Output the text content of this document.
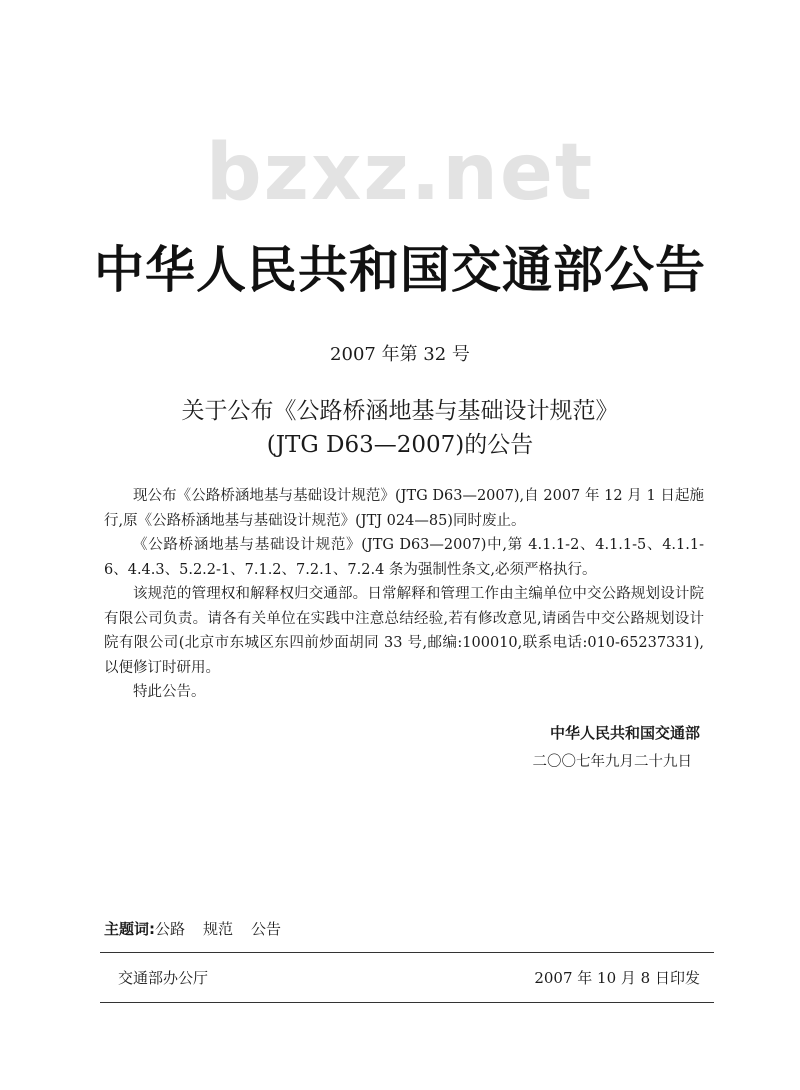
bzxz.net
中华人民共和国交通部公告
2007 年第 32 号
关于公布《公路桥涵地基与基础设计规范》
(JTG D63—2007)的公告

现公布《公路桥涵地基与基础设计规范》(JTG D63—2007),自 2007 年 12 月 1 日起施行,原《公路桥涵地基与基础设计规范》(JTJ 024—85)同时废止。

《公路桥涵地基与基础设计规范》(JTG D63—2007)中,第 4.1.1-2、4.1.1-5、4.1.1-6、4.4.3、5.2.2-1、7.1.2、7.2.1、7.2.4 条为强制性条文,必须严格执行。

该规范的管理权和解释权归交通部。日常解释和管理工作由主编单位中交公路规划设计院有限公司负责。请各有关单位在实践中注意总结经验,若有修改意见,请函告中交公路规划设计院有限公司(北京市东城区东四前炒面胡同 33 号,邮编:100010,联系电话:010-65237331),以便修订时研用。

特此公告。

中华人民共和国交通部
二〇〇七年九月二十九日
主题词:公路 规范 公告
交通部办公厅	2007 年 10 月 8 日印发
